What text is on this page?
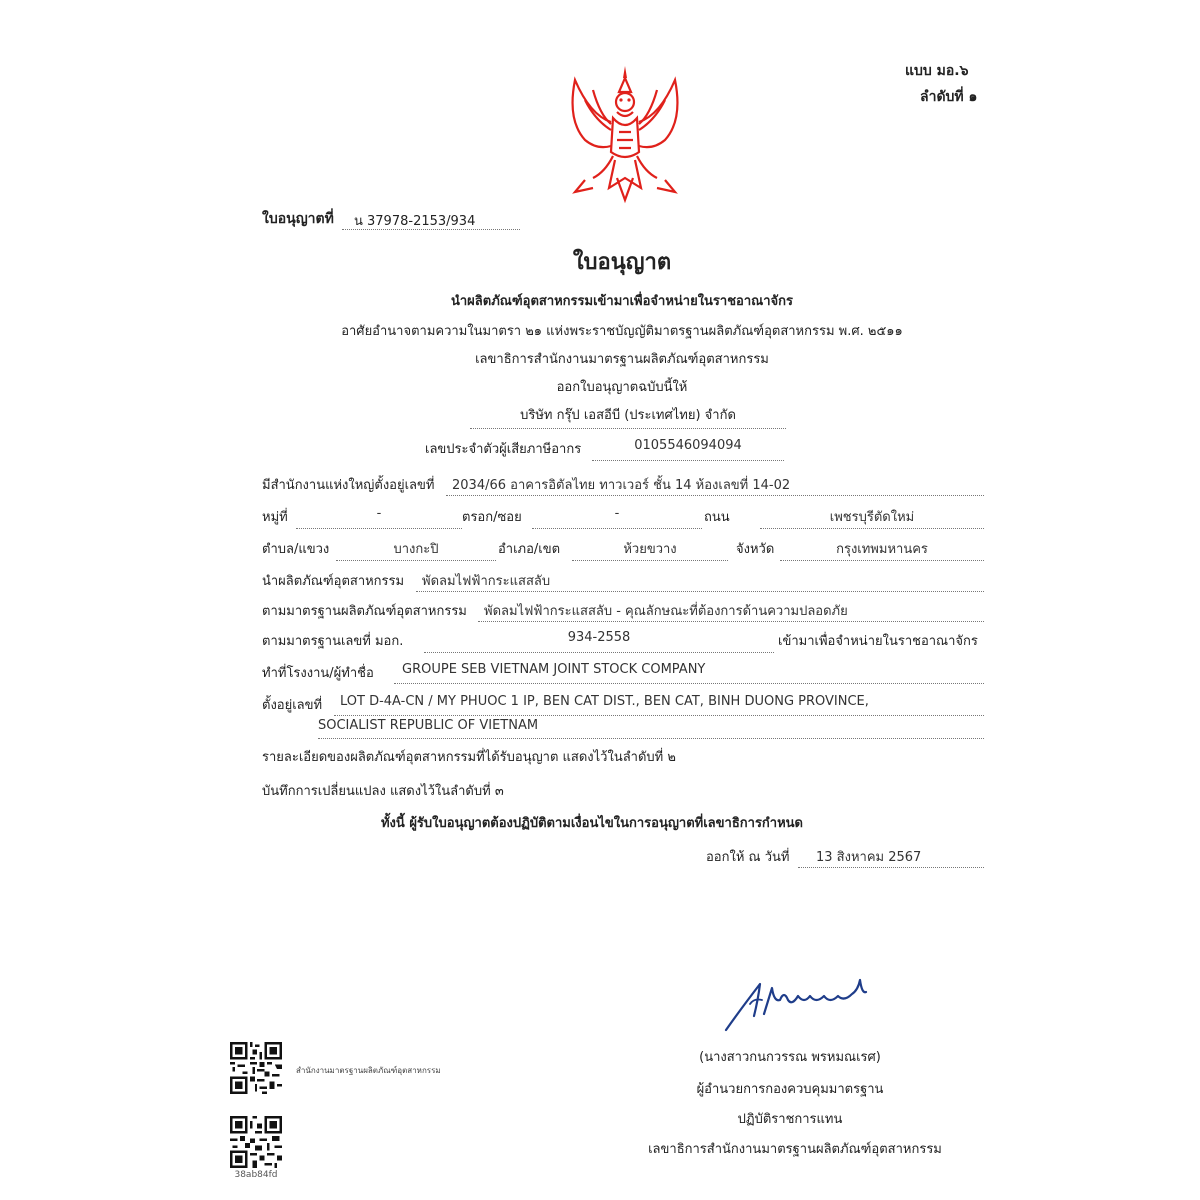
แบบ มอ.๖
ลำดับที่ ๑
ใบอนุญาตที่	น 37978-2153/934
ใบอนุญาต
นำผลิตภัณฑ์อุตสาหกรรมเข้ามาเพื่อจำหน่ายในราชอาณาจักร
อาศัยอำนาจตามความในมาตรา ๒๑ แห่งพระราชบัญญัติมาตรฐานผลิตภัณฑ์อุตสาหกรรม พ.ศ. ๒๕๑๑
เลขาธิการสำนักงานมาตรฐานผลิตภัณฑ์อุตสาหกรรม
ออกใบอนุญาตฉบับนี้ให้
บริษัท กรุ๊ป เอสอีบี (ประเทศไทย) จำกัด
เลขประจำตัวผู้เสียภาษีอากร	0105546094094
มีสำนักงานแห่งใหญ่ตั้งอยู่เลขที่	2034/66 อาคารอิตัลไทย ทาวเวอร์ ชั้น 14 ห้องเลขที่ 14-02
หมู่ที่	-	ตรอก/ซอย	-	ถนน	เพชรบุรีตัดใหม่
ตำบล/แขวง	บางกะปิ	อำเภอ/เขต	ห้วยขวาง	จังหวัด	กรุงเทพมหานคร
นำผลิตภัณฑ์อุตสาหกรรม	พัดลมไฟฟ้ากระแสสลับ
ตามมาตรฐานผลิตภัณฑ์อุตสาหกรรม	พัดลมไฟฟ้ากระแสสลับ - คุณลักษณะที่ต้องการด้านความปลอดภัย
ตามมาตรฐานเลขที่ มอก.	934-2558	เข้ามาเพื่อจำหน่ายในราชอาณาจักร
ทำที่โรงงาน/ผู้ทำชื่อ	GROUPE SEB VIETNAM JOINT STOCK COMPANY
ตั้งอยู่เลขที่	LOT D-4A-CN / MY PHUOC 1 IP, BEN CAT DIST., BEN CAT, BINH DUONG PROVINCE,
SOCIALIST REPUBLIC OF VIETNAM
รายละเอียดของผลิตภัณฑ์อุตสาหกรรมที่ได้รับอนุญาต แสดงไว้ในลำดับที่ ๒
บันทึกการเปลี่ยนแปลง แสดงไว้ในลำดับที่ ๓
ทั้งนี้ ผู้รับใบอนุญาตต้องปฏิบัติตามเงื่อนไขในการอนุญาตที่เลขาธิการกำหนด
ออกให้ ณ วันที่	13 สิงหาคม 2567
(นางสาวกนกวรรณ พรหมณเรศ)
ผู้อำนวยการกองควบคุมมาตรฐาน
ปฏิบัติราชการแทน
เลขาธิการสำนักงานมาตรฐานผลิตภัณฑ์อุตสาหกรรม
สำนักงานมาตรฐานผลิตภัณฑ์อุตสาหกรรม
38ab84fd
